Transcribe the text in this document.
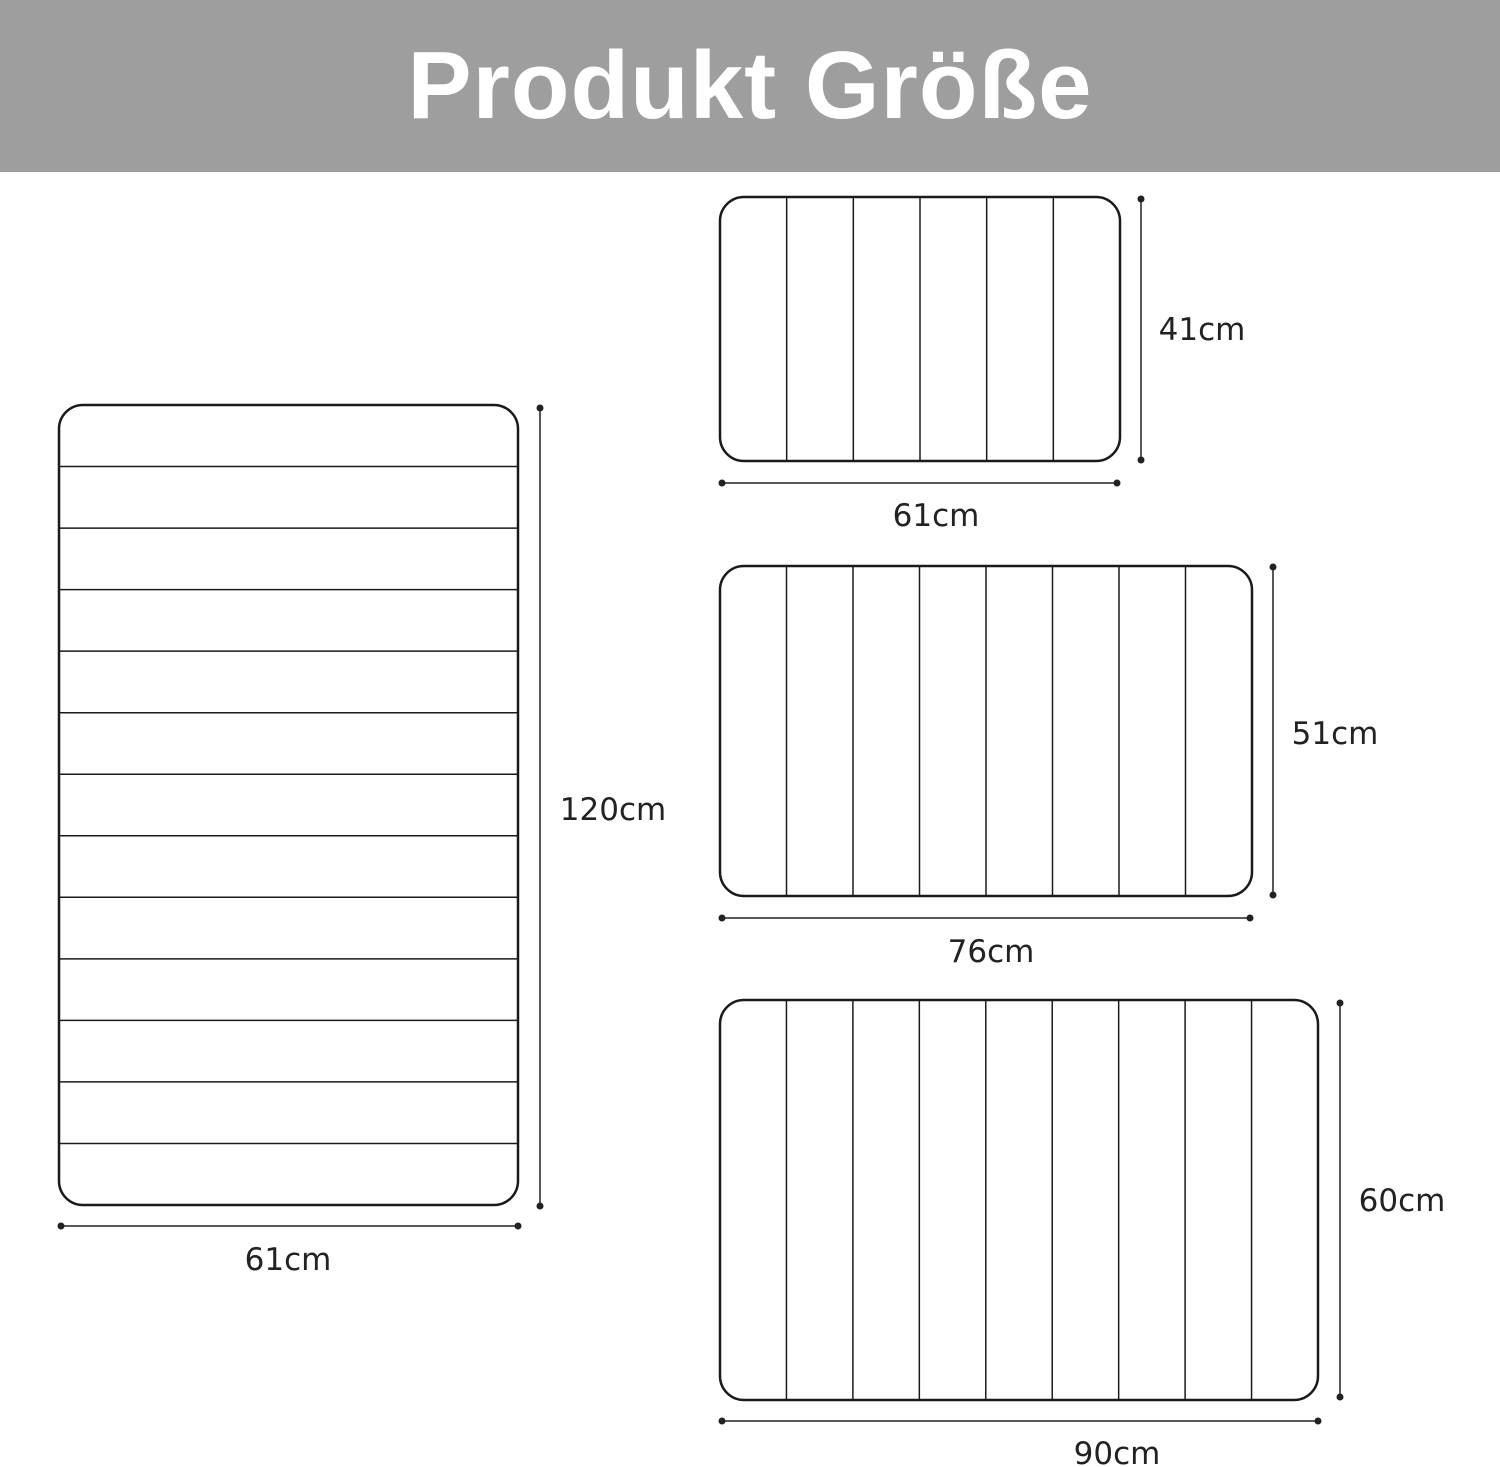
Produkt Größe
61cm
120cm
61cm
41cm
76cm
51cm
90cm
60cm
